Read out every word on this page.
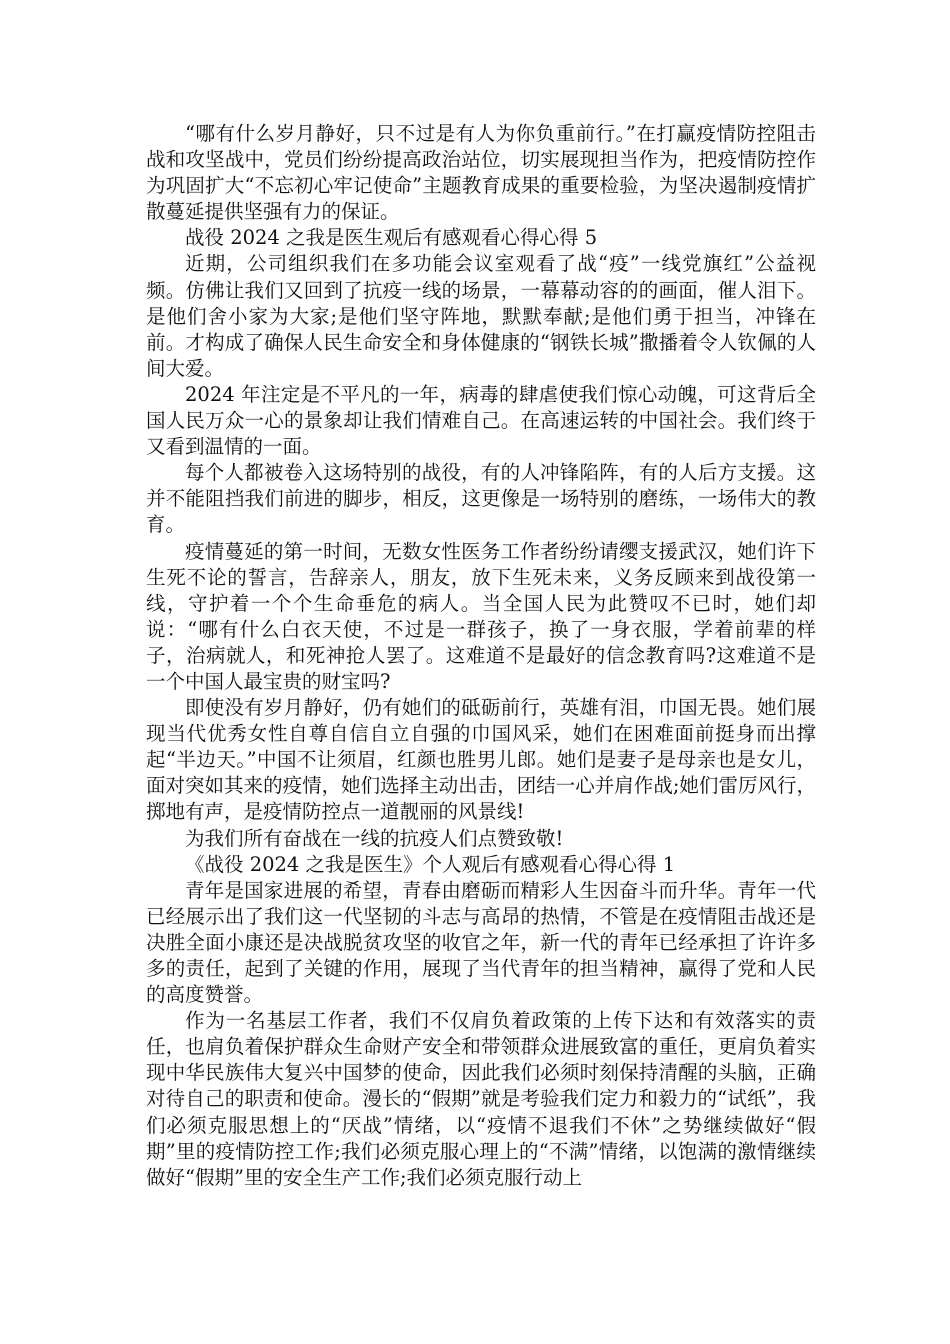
“哪有什么岁月静好，只不过是有人为你负重前行。”在打赢疫情防控阻击战和攻坚战中，党员们纷纷提高政治站位，切实展现担当作为，把疫情防控作为巩固扩大“不忘初心牢记使命”主题教育成果的重要检验，为坚决遏制疫情扩散蔓延提供坚强有力的保证。

战役 2024 之我是医生观后有感观看心得心得 5

近期，公司组织我们在多功能会议室观看了战“疫”一线党旗红”公益视频。仿佛让我们又回到了抗疫一线的场景，一幕幕动容的的画面，催人泪下。是他们舍小家为大家;是他们坚守阵地，默默奉献;是他们勇于担当，冲锋在前。才构成了确保人民生命安全和身体健康的“钢铁长城”撒播着令人钦佩的人间大爱。

2024 年注定是不平凡的一年，病毒的肆虐使我们惊心动魄，可这背后全国人民万众一心的景象却让我们情难自己。在高速运转的中国社会。我们终于又看到温情的一面。

每个人都被卷入这场特别的战役，有的人冲锋陷阵，有的人后方支援。这并不能阻挡我们前进的脚步，相反，这更像是一场特别的磨练，一场伟大的教育。

疫情蔓延的第一时间，无数女性医务工作者纷纷请缨支援武汉，她们许下生死不论的誓言，告辞亲人，朋友，放下生死未来，义务反顾来到战役第一线，守护着一个个生命垂危的病人。当全国人民为此赞叹不已时，她们却说：“哪有什么白衣天使，不过是一群孩子，换了一身衣服，学着前辈的样子，治病就人，和死神抢人罢了。这难道不是最好的信念教育吗?这难道不是一个中国人最宝贵的财宝吗?

即使没有岁月静好，仍有她们的砥砺前行，英雄有泪，巾国无畏。她们展现当代优秀女性自尊自信自立自强的巾国风采，她们在困难面前挺身而出撑起“半边天。”中国不让须眉，红颜也胜男儿郎。她们是妻子是母亲也是女儿，面对突如其来的疫情，她们选择主动出击，团结一心并肩作战;她们雷厉风行，掷地有声，是疫情防控点一道靓丽的风景线!

为我们所有奋战在一线的抗疫人们点赞致敬!

《战役 2024 之我是医生》个人观后有感观看心得心得 1

青年是国家进展的希望，青春由磨砺而精彩人生因奋斗而升华。青年一代已经展示出了我们这一代坚韧的斗志与高昂的热情，不管是在疫情阻击战还是决胜全面小康还是决战脱贫攻坚的收官之年，新一代的青年已经承担了许许多多的责任，起到了关键的作用，展现了当代青年的担当精神，赢得了党和人民的高度赞誉。

作为一名基层工作者，我们不仅肩负着政策的上传下达和有效落实的责任，也肩负着保护群众生命财产安全和带领群众进展致富的重任，更肩负着实现中华民族伟大复兴中国梦的使命，因此我们必须时刻保持清醒的头脑，正确对待自己的职责和使命。漫长的“假期”就是考验我们定力和毅力的“试纸”，我们必须克服思想上的“厌战”情绪，以“疫情不退我们不休”之势继续做好“假期”里的疫情防控工作;我们必须克服心理上的“不满”情绪，以饱满的激情继续做好“假期”里的安全生产工作;我们必须克服行动上
